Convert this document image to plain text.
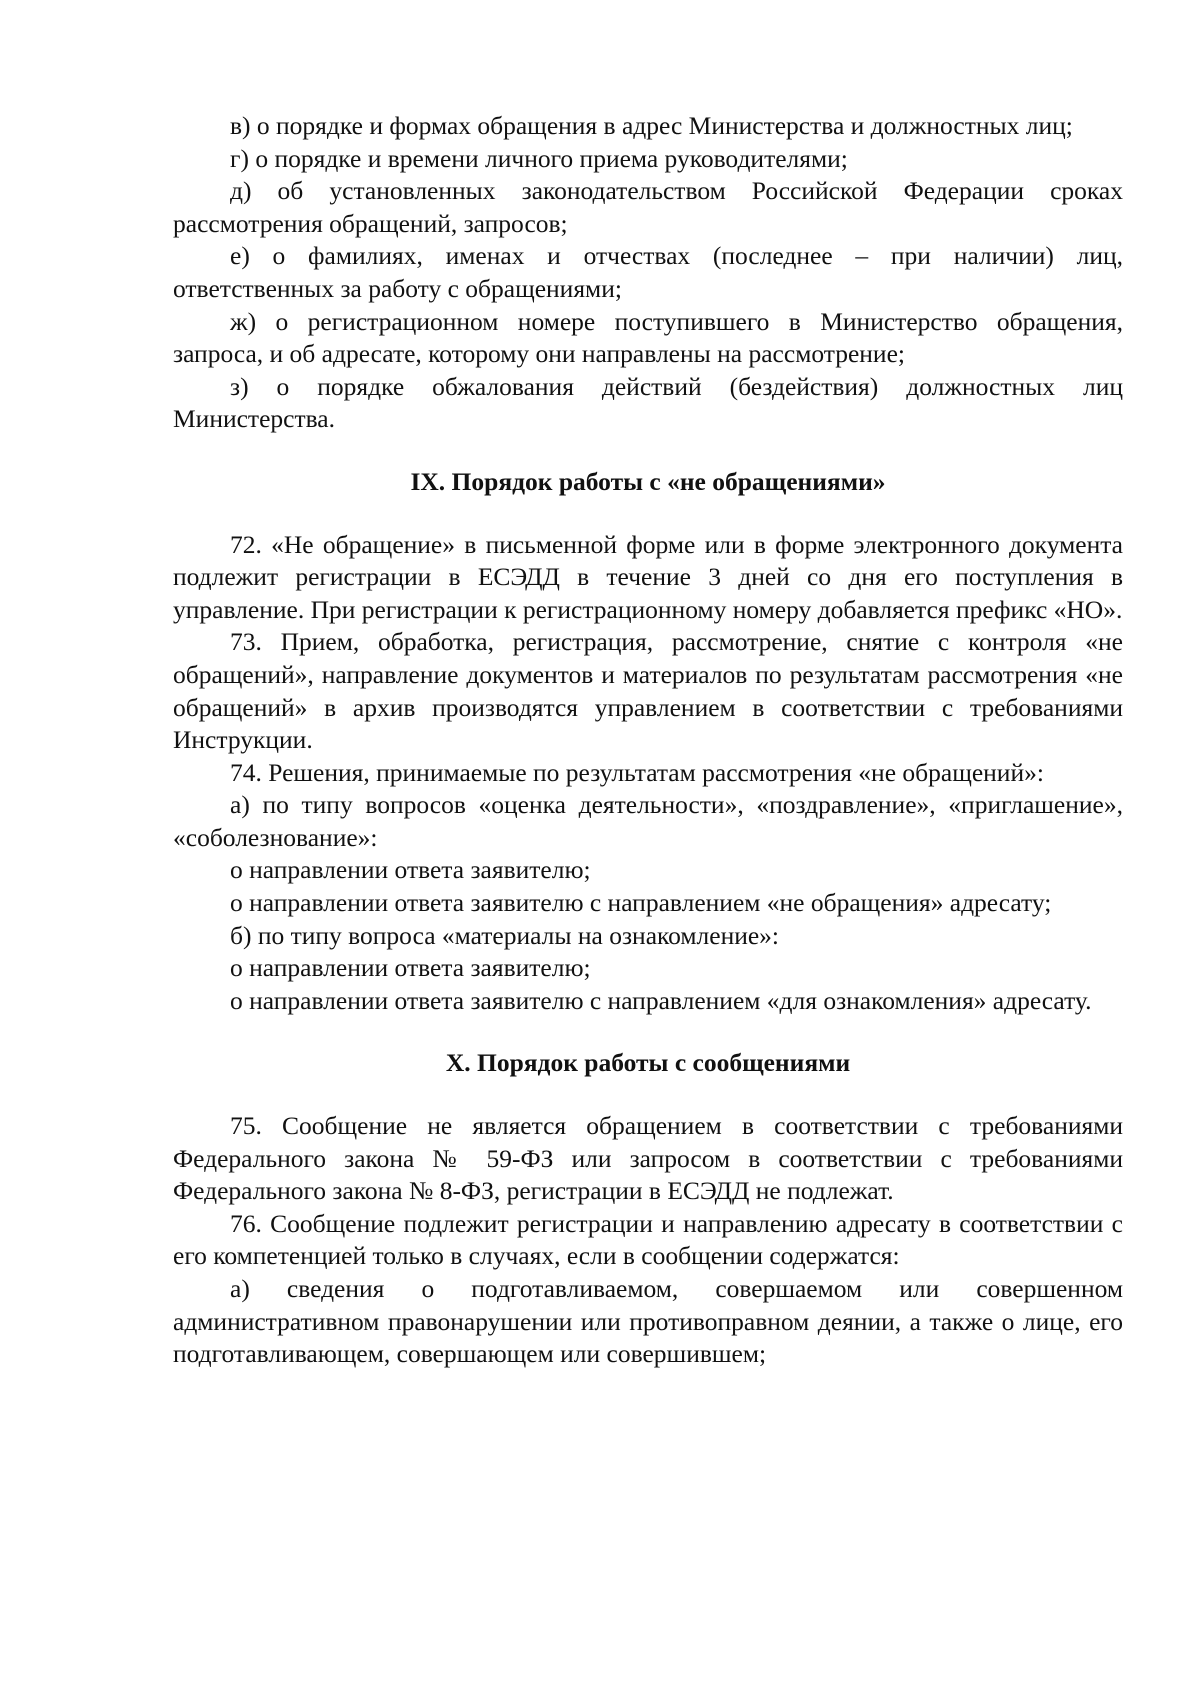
в) о порядке и формах обращения в адрес Министерства и должностных лиц;

г) о порядке и времени личного приема руководителями;

д) об установленных законодательством Российской Федерации сроках рассмотрения обращений, запросов;

е) о фамилиях, именах и отчествах (последнее – при наличии) лиц, ответственных за работу с обращениями;

ж) о регистрационном номере поступившего в Министерство обращения, запроса, и об адресате, которому они направлены на рассмотрение;

з) о порядке обжалования действий (бездействия) должностных лиц Министерства.

IX. Порядок работы с «не обращениями»

72. «Не обращение» в письменной форме или в форме электронного документа подлежит регистрации в ЕСЭДД в течение 3 дней со дня его поступления в управление. При регистрации к регистрационному номеру добавляется префикс «НО».

73. Прием, обработка, регистрация, рассмотрение, снятие с контроля «не обращений», направление документов и материалов по результатам рассмотрения «не обращений» в архив производятся управлением в соответствии с требованиями Инструкции.

74. Решения, принимаемые по результатам рассмотрения «не обращений»:

а) по типу вопросов «оценка деятельности», «поздравление», «приглашение», «соболезнование»:

о направлении ответа заявителю;

о направлении ответа заявителю с направлением «не обращения» адресату;

б) по типу вопроса «материалы на ознакомление»:

о направлении ответа заявителю;

о направлении ответа заявителю с направлением «для ознакомления» адресату.

X. Порядок работы с сообщениями

75. Сообщение не является обращением в соответствии с требованиями Федерального закона № 59-ФЗ или запросом в соответствии с требованиями Федерального закона № 8-ФЗ, регистрации в ЕСЭДД не подлежат.

76. Сообщение подлежит регистрации и направлению адресату в соответствии с его компетенцией только в случаях, если в сообщении содержатся:

а) сведения о подготавливаемом, совершаемом или совершенном административном правонарушении или противоправном деянии, а также о лице, его подготавливающем, совершающем или совершившем;
